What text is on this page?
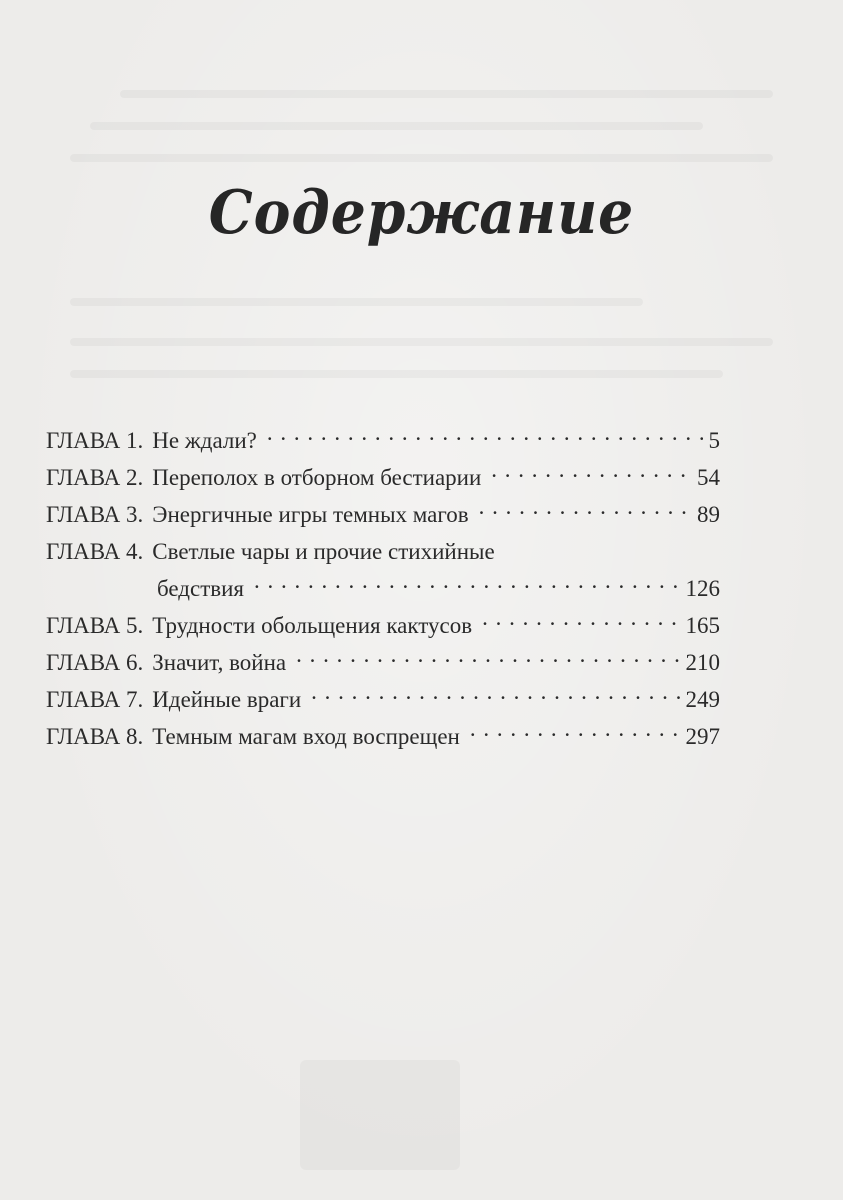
Содержание
ГЛАВА 1. Не ждали? . . .	5
ГЛАВА 2. Переполох в отборном бестиарии . . .	54
ГЛАВА 3. Энергичные игры темных магов . . .	89
ГЛАВА 4. Светлые чары и прочие стихийные
бедствия . . .	126
ГЛАВА 5. Трудности обольщения кактусов . . .	165
ГЛАВА 6. Значит, война . . .	210
ГЛАВА 7. Идейные враги . . .	249
ГЛАВА 8. Темным магам вход воспрещен . . .	297
